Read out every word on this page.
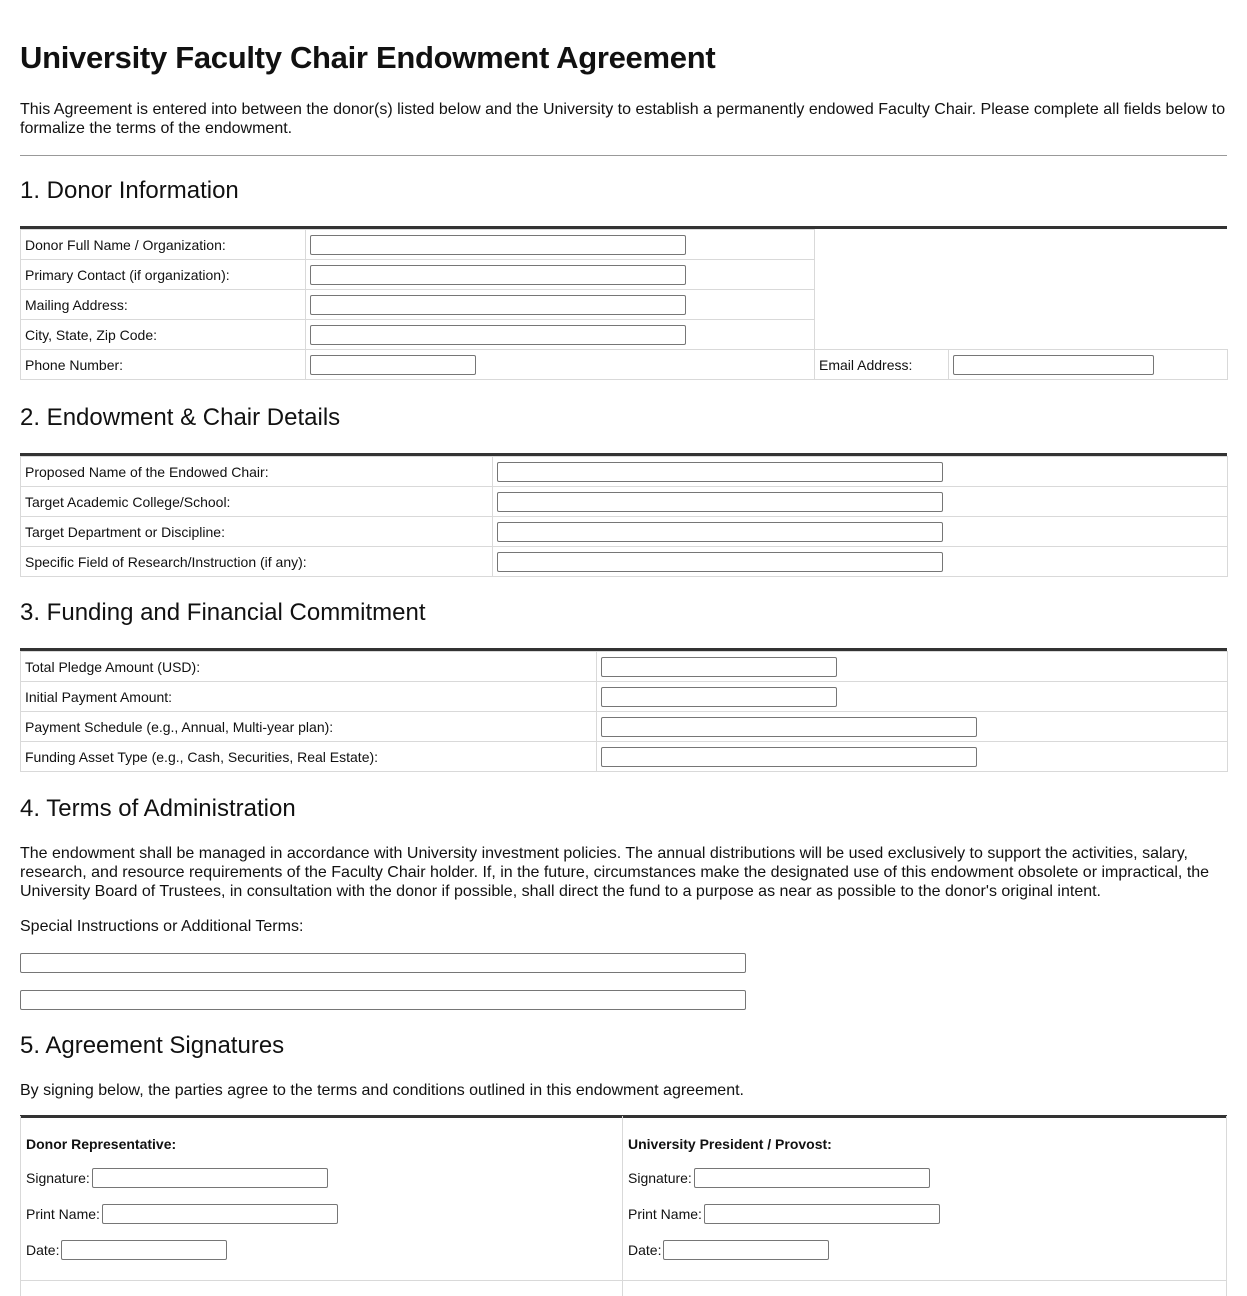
University Faculty Chair Endowment Agreement

This Agreement is entered into between the donor(s) listed below and the University to establish a permanently endowed Faculty Chair. Please complete all fields below to formalize the terms of the endowment.

1. Donor Information
Donor Full Name / Organization:		

Primary Contact (if organization):			

Mailing Address:			

City, State, Zip Code:			

Phone Number:		Email Address:	
2. Endowment & Chair Details
Proposed Name of the Endowed Chair:	

Target Academic College/School:	

Target Department or Discipline:	

Specific Field of Research/Instruction (if any):	
3. Funding and Financial Commitment
Total Pledge Amount (USD):	

Initial Payment Amount:	

Payment Schedule (e.g., Annual, Multi-year plan):	

Funding Asset Type (e.g., Cash, Securities, Real Estate):	
4. Terms of Administration

The endowment shall be managed in accordance with University investment policies. The annual distributions will be used exclusively to support the activities, salary, research, and resource requirements of the Faculty Chair holder. If, in the future, circumstances make the designated use of this endowment obsolete or impractical, the University Board of Trustees, in consultation with the donor if possible, shall direct the fund to a purpose as near as possible to the donor's original intent.

Special Instructions or Additional Terms:

5. Agreement Signatures

By signing below, the parties agree to the terms and conditions outlined in this endowment agreement.

Donor Representative:
Signature:
Print Name:
Date:
University President / Provost:
Signature:
Print Name:
Date:
